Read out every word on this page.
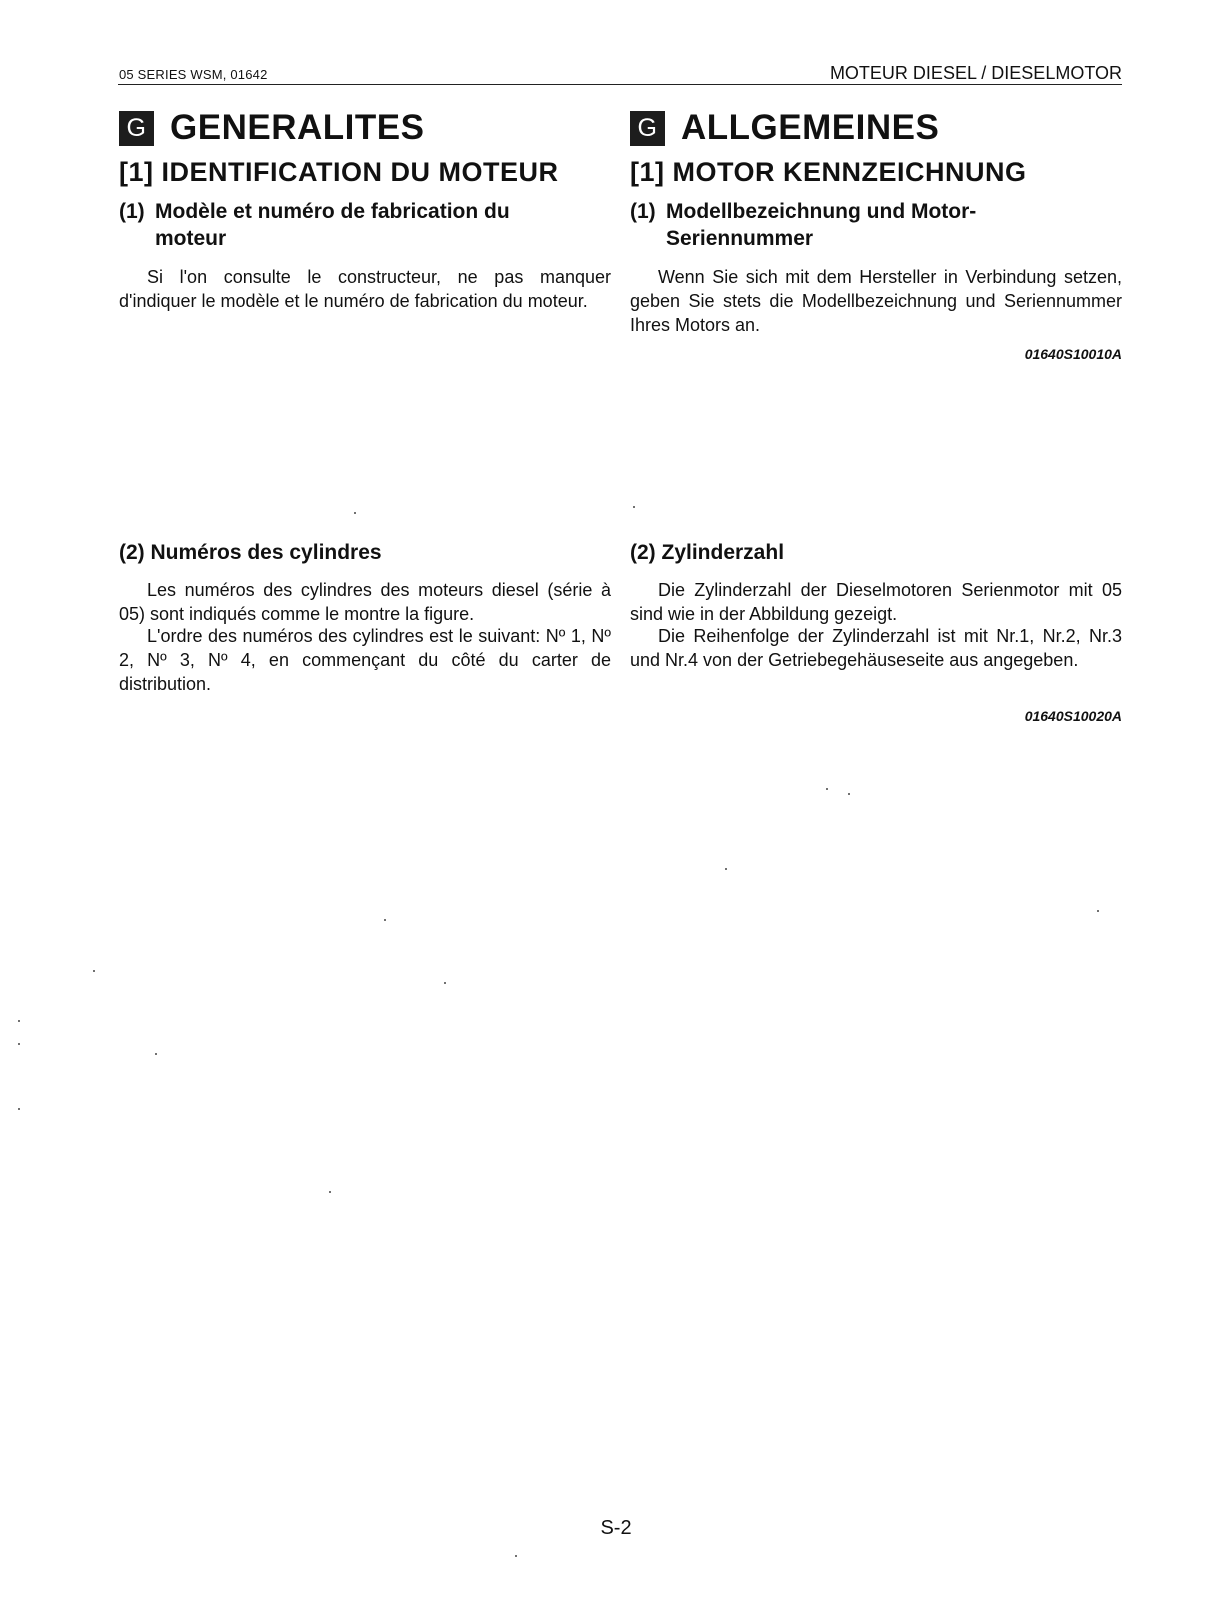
05 SERIES WSM, 01642	MOTEUR DIESEL / DIESELMOTOR
G GENERALITES
[1] IDENTIFICATION DU MOTEUR
(1) Modèle et numéro de fabrication du
moteur

Si l'on consulte le constructeur, ne pas manquer d'indiquer le modèle et le numéro de fabrication du moteur.

(2) Numéros des cylindres

Les numéros des cylindres des moteurs diesel (série à 05) sont indiqués comme le montre la figure.

L'ordre des numéros des cylindres est le suivant: Nº 1, Nº 2, Nº 3, Nº 4, en commençant du côté du carter de distribution.

G ALLGEMEINES
[1] MOTOR KENNZEICHNUNG
(1) Modellbezeichnung und Motor-
Seriennummer

Wenn Sie sich mit dem Hersteller in Verbindung setzen, geben Sie stets die Modellbezeichnung und Seriennummer Ihres Motors an.

01640S10010A
(2) Zylinderzahl

Die Zylinderzahl der Dieselmotoren Serienmotor mit 05 sind wie in der Abbildung gezeigt.

Die Reihenfolge der Zylinderzahl ist mit Nr.1, Nr.2, Nr.3 und Nr.4 von der Getriebegehäuseseite aus angegeben.

01640S10020A
S-2
